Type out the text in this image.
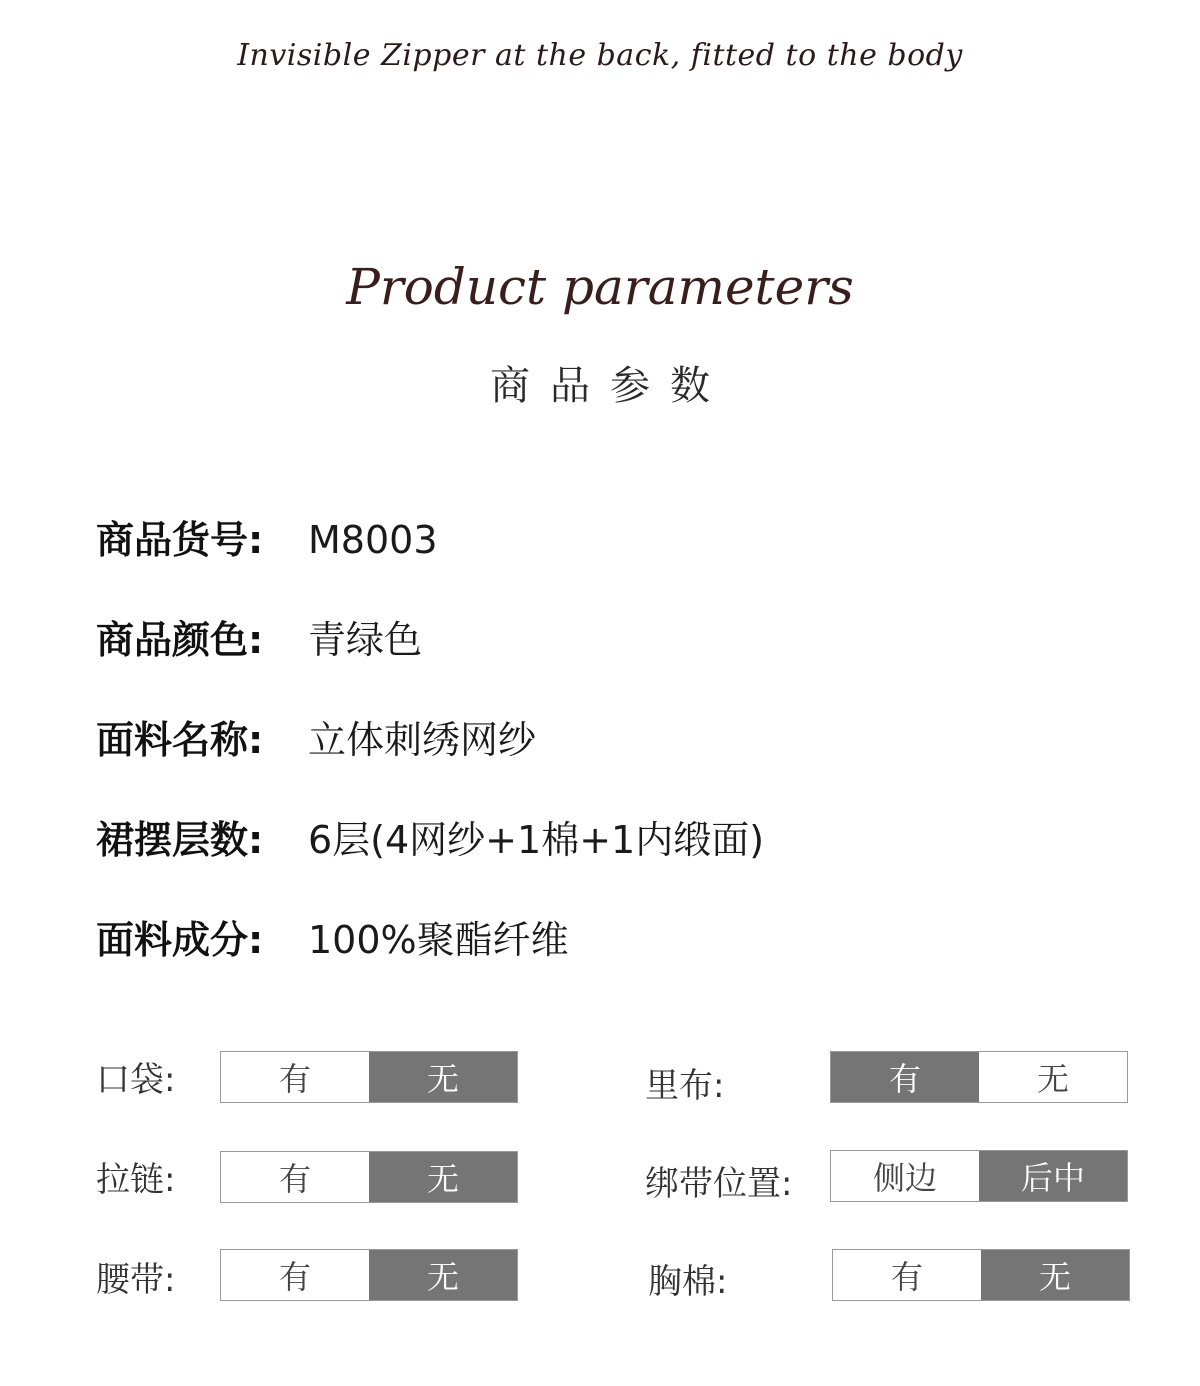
Invisible Zipper at the back, fitted to the body
Product parameters
商品参数
商品货号:	M8003
商品颜色:	青绿色
面料名称:	立体刺绣网纱
裙摆层数:	6层(4网纱+1棉+1内缎面)
面料成分:	100%聚酯纤维
口袋:	有	无	里布:	有	无
拉链:	有	无	绑带位置:	侧边	后中
腰带:	有	无	胸棉:	有	无
